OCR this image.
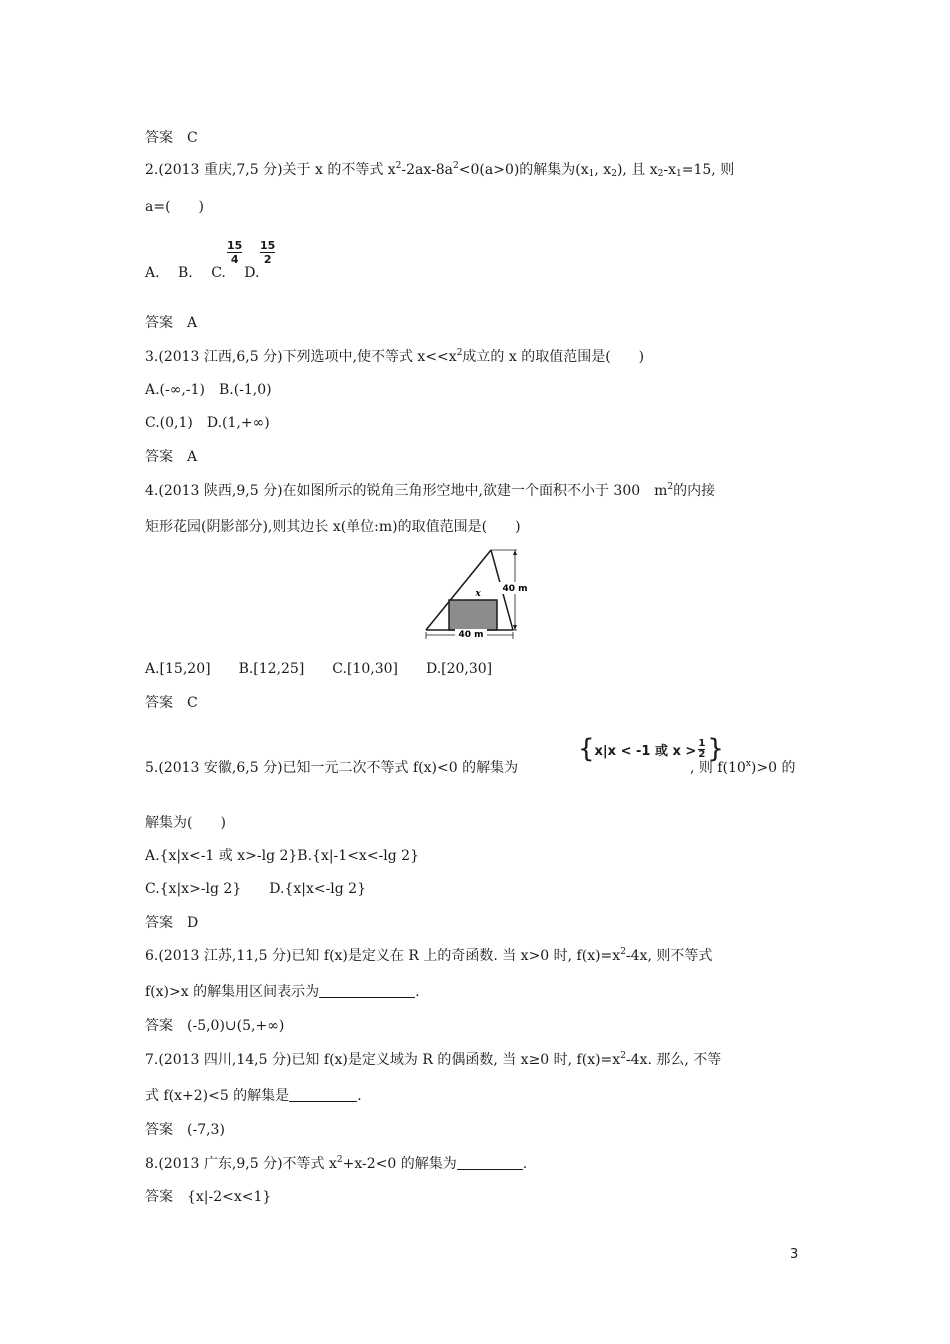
答案　C
2.(2013 重庆,7,5 分)关于 x 的不等式 $x^2-2ax-8a^2<0(a>0)$的解集为($x_1$, $x_2$), 且 $x_2-x_1=15$, 则
a=(　　)
15
4
15
2
A.　 B.　 C.　 D.
答案　A
3.(2013 江西,6,5 分)下列选项中,使不等式 $x<<x^2$成立的 x 的取值范围是(　　)
A.(-∞,-1)　B.(-1,0)
C.(0,1)　D.(1,+∞)
答案　A
4.(2013 陕西,9,5 分)在如图所示的锐角三角形空地中,欲建一个面积不小于 300　$m^2$的内接
矩形花园(阴影部分),则其边长 x(单位:m)的取值范围是(　　)
x 40 m
40 m
A.[15,20]　　B.[12,25]　　C.[10,30]　　D.[20,30]
答案　C
5.(2013 安徽,6,5 分)已知一元二次不等式 f(x)<0 的解集为
{ x|x < -1 或 x >
1
2 }
, 则 $f(10^x)>0$ 的
解集为(　　)
A.{x|x<-1 或 x>-lg 2}B.{x|-1<x<-lg 2}
C.{x|x>-lg 2}　　D.{x|x<-lg 2}
答案　D
6.(2013 江苏,11,5 分)已知 f(x)是定义在 R 上的奇函数. 当 x>0 时, $f(x)=x^2-4x$, 则不等式
f(x)>x 的解集用区间表示为	.
答案　(-5,0)∪(5,+∞)
7.(2013 四川,14,5 分)已知 f(x)是定义域为 R 的偶函数, 当 x≥0 时, $f(x)=x^2-4x$. 那么, 不等
式 f(x+2)<5 的解集是	.
答案　(-7,3)
8.(2013 广东,9,5 分)不等式 $x^2+x-2<0$ 的解集为	.
答案　{x|-2<x<1}
3
